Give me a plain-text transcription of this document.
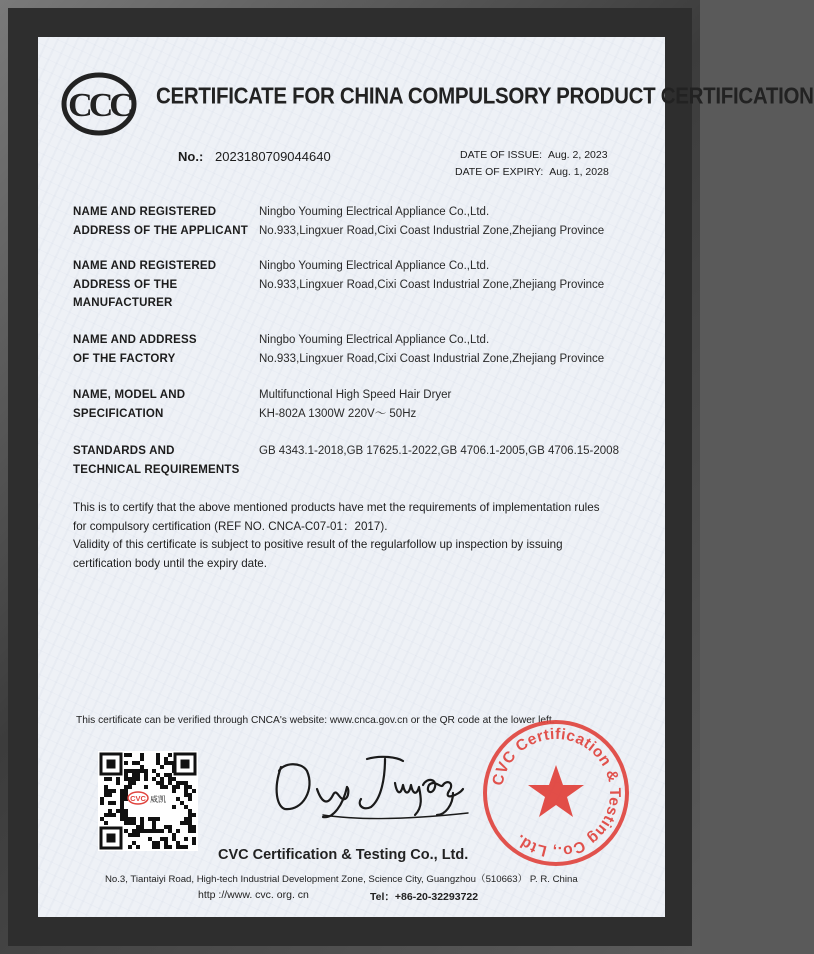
CCC CERTIFICATE FOR CHINA COMPULSORY PRODUCT CERTIFICATION
No.: 2023180709044640	DATE OF ISSUE: Aug. 2, 2023
DATE OF EXPIRY: Aug. 1, 2028
NAME AND REGISTERED
ADDRESS OF THE APPLICANT
Ningbo Youming Electrical Appliance Co.,Ltd.
No.933,Lingxuer Road,Cixi Coast Industrial Zone,Zhejiang Province
NAME AND REGISTERED
ADDRESS OF THE
MANUFACTURER
Ningbo Youming Electrical Appliance Co.,Ltd.
No.933,Lingxuer Road,Cixi Coast Industrial Zone,Zhejiang Province
NAME AND ADDRESS
OF THE FACTORY
Ningbo Youming Electrical Appliance Co.,Ltd.
No.933,Lingxuer Road,Cixi Coast Industrial Zone,Zhejiang Province
NAME, MODEL AND
SPECIFICATION
Multifunctional High Speed Hair Dryer
KH-802A 1300W 220V～ 50Hz
STANDARDS AND
TECHNICAL REQUIREMENTS
GB 4343.1-2018,GB 17625.1-2022,GB 4706.1-2005,GB 4706.15-2008
This is to certify that the above mentioned products have met the requirements of implementation rules
for compulsory certification (REF NO. CNCA-C07-01：2017).
Validity of this certificate is subject to positive result of the regularfollow up inspection by issuing
certification body until the expiry date.
This certificate can be verified through CNCA's website: www.cnca.gov.cn or the QR code at the lower left.
CVC 威凯
CVC Certification & Testing Co., Ltd.
No.3, Tiantaiyi Road, High-tech Industrial Development Zone, Science City, Guangzhou（510663） P. R. China
http ://www. cvc. org. cn	Tel：+86-20-32293722
CVC Certification & Testing Co., Ltd.
